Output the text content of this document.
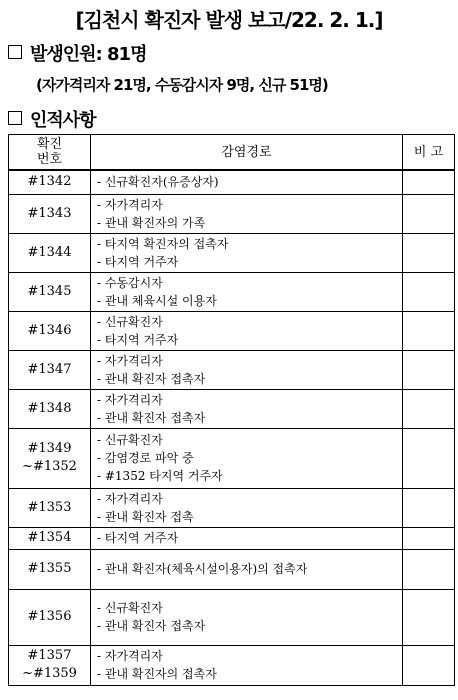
[김천시 확진자 발생 보고/22. 2. 1.]
발생인원: 81명
(자가격리자 21명, 수동감시자 9명, 신규 51명)
인적사항
확진
번호	감염경로	비 고

#1342	- 신규확진자(유증상자)	

#1343	- 자가격리자
- 관내 확진자의 가족	

#1344	- 타지역 확진자의 접촉자
- 타지역 거주자	

#1345	- 수동감시자
- 관내 체육시설 이용자	

#1346	- 신규확진자
- 타지역 거주자	

#1347	- 자가격리자
- 관내 확진자 접촉자	

#1348	- 자가격리자
- 관내 확진자 접촉자	

#1349
~#1352	- 신규확진자
- 감염경로 파악 중
- #1352 타지역 거주자	

#1353	- 자가격리자
- 관내 확진자 접촉	

#1354	- 타지역 거주자	

#1355	- 관내 확진자(체육시설이용자)의 접촉자	

#1356	- 신규확진자
- 관내 확진자 접촉자	

#1357
~#1359	- 자가격리자
- 관내 확진자의 접촉자	
